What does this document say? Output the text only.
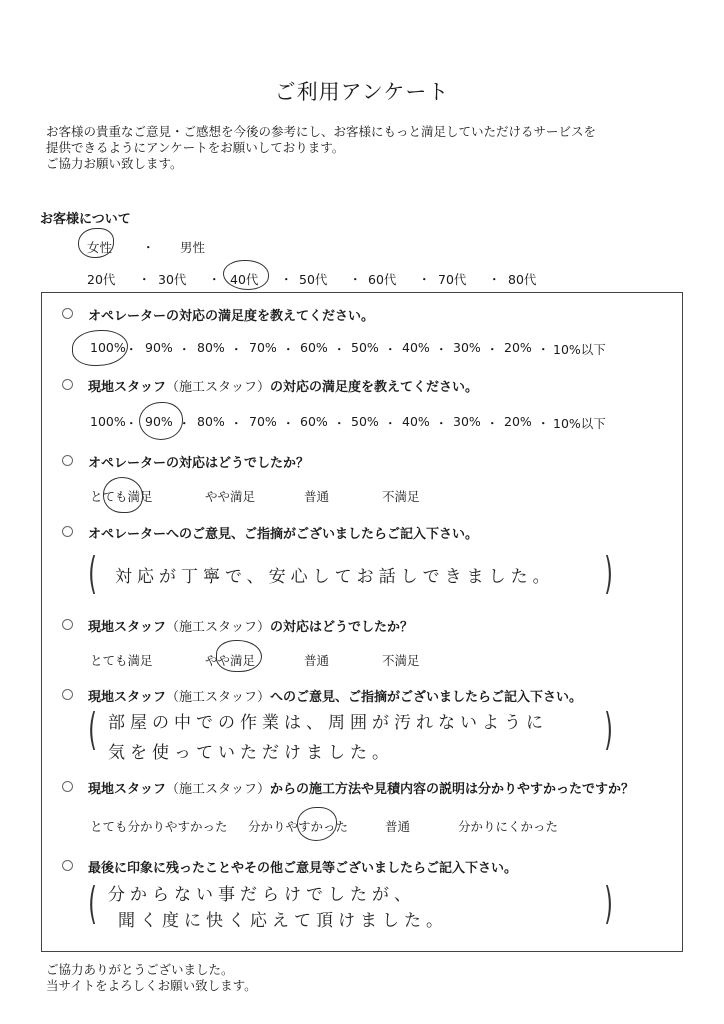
ご利用アンケート
お客様の貴重なご意見・ご感想を今後の参考にし、お客様にもっと満足していただけるサービスを
提供できるようにアンケートをお願いしております。
ご協力お願い致します。
お客様について
女性 ・ 男性
20代 ・ 30代 ・ 40代 ・ 50代 ・ 60代 ・ 70代 ・ 80代
オペレーターの対応の満足度を教えてください。
100% ・ 90% ・ 80% ・ 70% ・ 60% ・ 50% ・ 40% ・ 30% ・ 20% ・ 10%以下
現地スタッフ（施工スタッフ）の対応の満足度を教えてください。
100% ・ 90% ・ 80% ・ 70% ・ 60% ・ 50% ・ 40% ・ 30% ・ 20% ・ 10%以下
オペレーターの対応はどうでしたか？
とても満足	やや満足	普通	不満足
オペレーターへのご意見、ご指摘がございましたらご記入下さい。
(	)
対応が丁寧で、安心してお話しできました。
現地スタッフ（施工スタッフ）の対応はどうでしたか？
とても満足	やや満足	普通	不満足
現地スタッフ（施工スタッフ）へのご意見、ご指摘がございましたらご記入下さい。
(	)
部屋の中での作業は、周囲が汚れないように
気を使っていただけました。
現地スタッフ（施工スタッフ）からの施工方法や見積内容の説明は分かりやすかったですか？
とても分かりやすかった 分かりやすかった	普通	分かりにくかった
最後に印象に残ったことやその他ご意見等ございましたらご記入下さい。
(	)
分からない事だらけでしたが、
聞く度に快く応えて頂けました。
ご協力ありがとうございました。
当サイトをよろしくお願い致します。
